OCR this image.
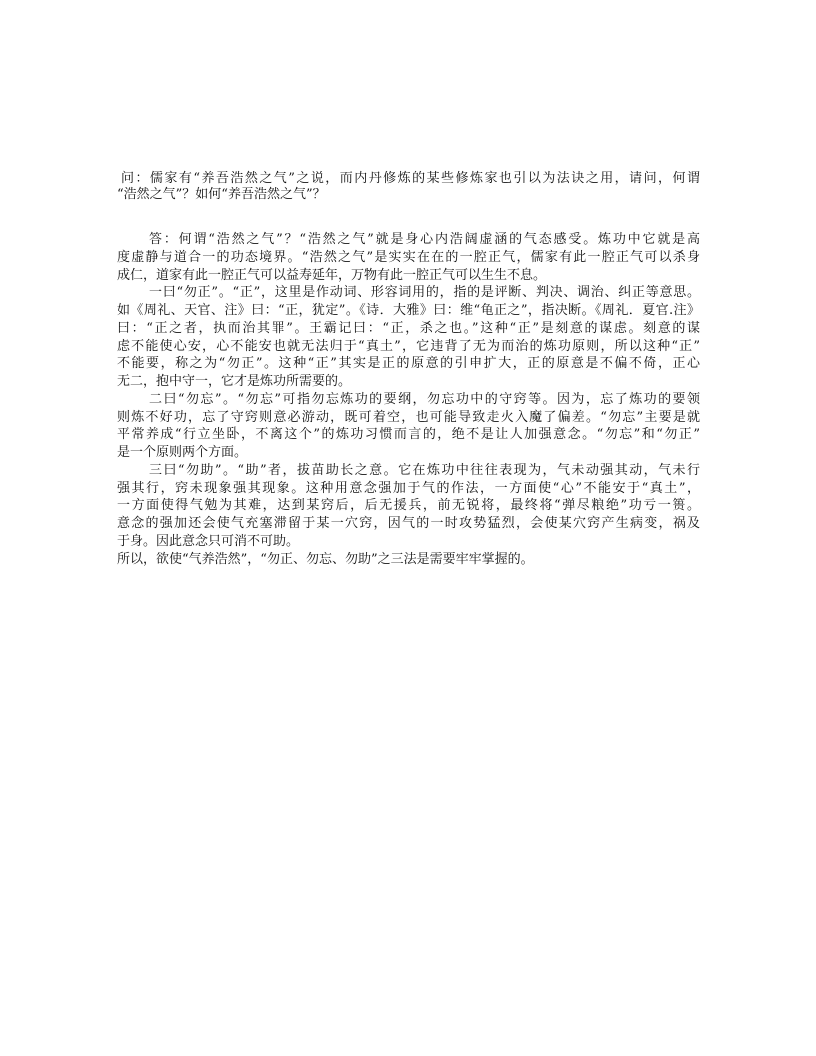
问：儒家有“养吾浩然之气”之说，而内丹修炼的某些修炼家也引以为法诀之用，请问，何谓
“浩然之气”？如何“养吾浩然之气”？
答：何谓“浩然之气”？“浩然之气”就是身心内浩阔虚涵的气态感受。炼功中它就是高
度虚静与道合一的功态境界。“浩然之气”是实实在在的一腔正气，儒家有此一腔正气可以杀身
成仁，道家有此一腔正气可以益寿延年，万物有此一腔正气可以生生不息。
一曰“勿正”。“正”，这里是作动词、形容词用的，指的是评断、判决、调治、纠正等意思。
如《周礼、天官、注》曰：“正，犹定”。《诗．大雅》曰：维“龟正之”，指决断。《周礼．夏官.注》
曰：“正之者，执而治其罪”。王霸记曰：“正，杀之也。”这种“正”是刻意的谋虑。刻意的谋
虑不能使心安，心不能安也就无法归于“真土”，它违背了无为而治的炼功原则，所以这种“正”
不能要，称之为“勿正”。这种“正”其实是正的原意的引申扩大，正的原意是不偏不倚，正心
无二，抱中守一，它才是炼功所需要的。
二曰“勿忘”。“勿忘”可指勿忘炼功的要纲，勿忘功中的守窍等。因为，忘了炼功的要领
则炼不好功，忘了守窍则意必游动，既可着空，也可能导致走火入魔了偏差。“勿忘”主要是就
平常养成“行立坐卧，不离这个”的炼功习惯而言的，绝不是让人加强意念。“勿忘”和“勿正”
是一个原则两个方面。
三曰“勿助”。“助”者，拔苗助长之意。它在炼功中往往表现为，气未动强其动，气未行
强其行，窍未现象强其现象。这种用意念强加于气的作法，一方面使“心”不能安于“真土”，
一方面使得气勉为其难，达到某窍后，后无援兵，前无锐将，最终将“弹尽粮绝”功亏一篑。
意念的强加还会使气充塞滞留于某一穴窍，因气的一时攻势猛烈，会使某穴窍产生病变，祸及
于身。因此意念只可消不可助。
所以，欲使“气养浩然”，“勿正、勿忘、勿助”之三法是需要牢牢掌握的。
